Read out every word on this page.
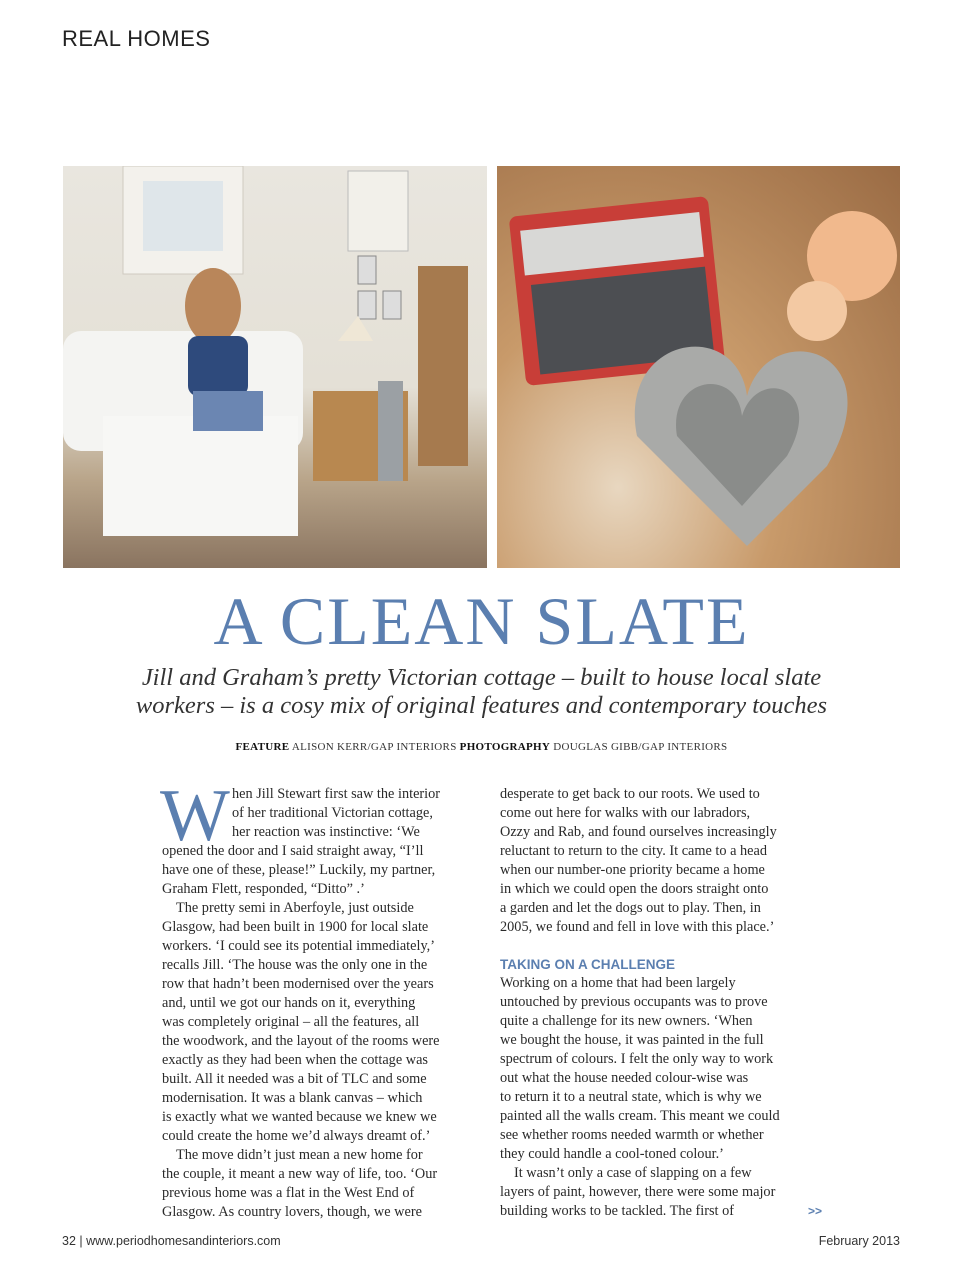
REAL HOMES
A CLEAN SLATE
Jill and Graham’s pretty Victorian cottage – built to house local slate
workers – is a cosy mix of original features and contemporary touches
FEATURE ALISON KERR/GAP INTERIORS PHOTOGRAPHY DOUGLAS GIBB/GAP INTERIORS
W hen Jill Stewart first saw the interior
of her traditional Victorian cottage,
her reaction was instinctive: ‘We
opened the door and I said straight away, “I’ll
have one of these, please!” Luckily, my partner,
Graham Flett, responded, “Ditto” .’
The pretty semi in Aberfoyle, just outside
Glasgow, had been built in 1900 for local slate
workers. ‘I could see its potential immediately,’
recalls Jill. ‘The house was the only one in the
row that hadn’t been modernised over the years
and, until we got our hands on it, everything
was completely original – all the features, all
the woodwork, and the layout of the rooms were
exactly as they had been when the cottage was
built. All it needed was a bit of TLC and some
modernisation. It was a blank canvas – which
is exactly what we wanted because we knew we
could create the home we’d always dreamt of.’
The move didn’t just mean a new home for
the couple, it meant a new way of life, too. ‘Our
previous home was a flat in the West End of
Glasgow. As country lovers, though, we were
desperate to get back to our roots. We used to
come out here for walks with our labradors,
Ozzy and Rab, and found ourselves increasingly
reluctant to return to the city. It came to a head
when our number-one priority became a home
in which we could open the doors straight onto
a garden and let the dogs out to play. Then, in
2005, we found and fell in love with this place.’
TAKING ON A CHALLENGE
Working on a home that had been largely
untouched by previous occupants was to prove
quite a challenge for its new owners. ‘When
we bought the house, it was painted in the full
spectrum of colours. I felt the only way to work
out what the house needed colour-wise was
to return it to a neutral state, which is why we
painted all the walls cream. This meant we could
see whether rooms needed warmth or whether
they could handle a cool-toned colour.’
It wasn’t only a case of slapping on a few
layers of paint, however, there were some major
building works to be tackled. The first of	>>
32 | www.periodhomesandinteriors.com	February 2013
